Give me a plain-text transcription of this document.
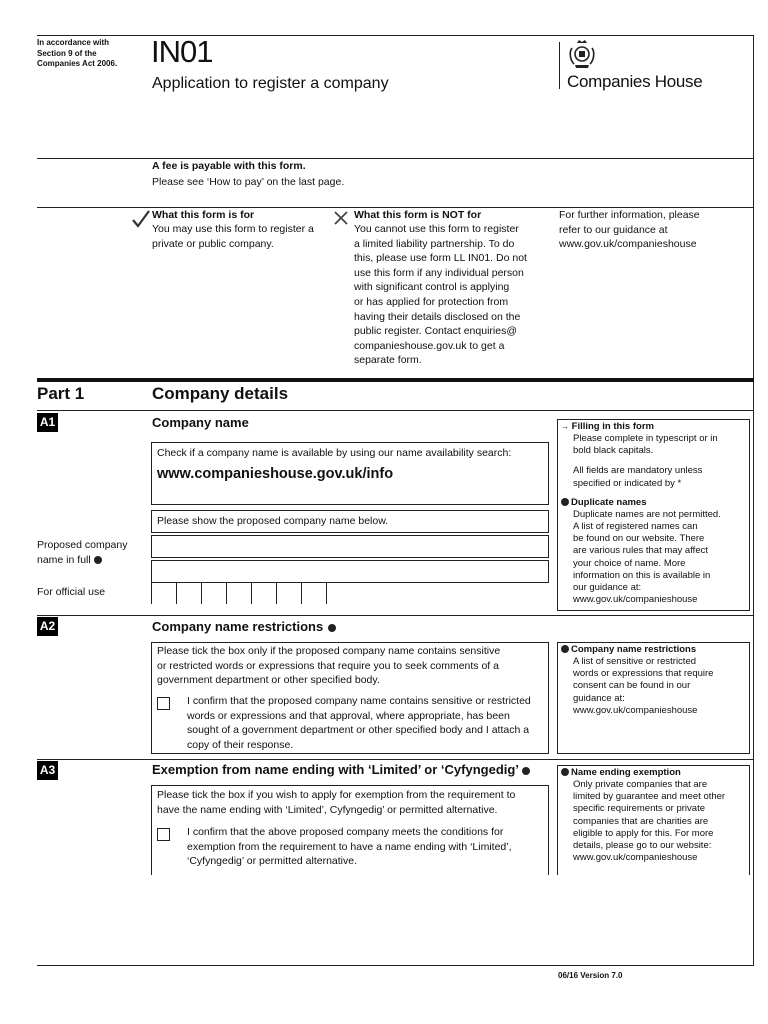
In accordance with
Section 9 of the
Companies Act 2006. IN01
Application to register a company	Companies House
A fee is payable with this form.
Please see ‘How to pay’ on the last page.
What this form is for
You may use this form to register a
private or public company.
What this form is NOT for
You cannot use this form to register
a limited liability partnership. To do
this, please use form LL IN01. Do not
use this form if any individual person
with significant control is applying
or has applied for protection from
having their details disclosed on the
public register. Contact enquiries@
companieshouse.gov.uk to get a
separate form.
For further information, please
refer to our guidance at
www.gov.uk/companieshouse
Part 1	Company details
A1	Company name
Check if a company name is available by using our name availability search:
www.companieshouse.gov.uk/info
Please show the proposed company name below.
Proposed company
name in full
For official use
→ Filling in this form
Please complete in typescript or in
bold black capitals.
All fields are mandatory unless
specified or indicated by *
Duplicate names
Duplicate names are not permitted.
A list of registered names can
be found on our website. There
are various rules that may affect
your choice of name. More
information on this is available in
our guidance at:
www.gov.uk/companieshouse
A2	Company name restrictions
Please tick the box only if the proposed company name contains sensitive
or restricted words or expressions that require you to seek comments of a
government department or other specified body.
I confirm that the proposed company name contains sensitive or restricted
words or expressions and that approval, where appropriate, has been
sought of a government department or other specified body and I attach a
copy of their response.
Company name restrictions
A list of sensitive or restricted
words or expressions that require
consent can be found in our
guidance at:
www.gov.uk/companieshouse
A3	Exemption from name ending with ‘Limited’ or ‘Cyfyngedig’
Please tick the box if you wish to apply for exemption from the requirement to
have the name ending with ‘Limited’, Cyfyngedig’ or permitted alternative.
I confirm that the above proposed company meets the conditions for
exemption from the requirement to have a name ending with ‘Limited’,
‘Cyfyngedig’ or permitted alternative.
Name ending exemption
Only private companies that are
limited by guarantee and meet other
specific requirements or private
companies that are charities are
eligible to apply for this. For more
details, please go to our website:
www.gov.uk/companieshouse
06/16 Version 7.0
